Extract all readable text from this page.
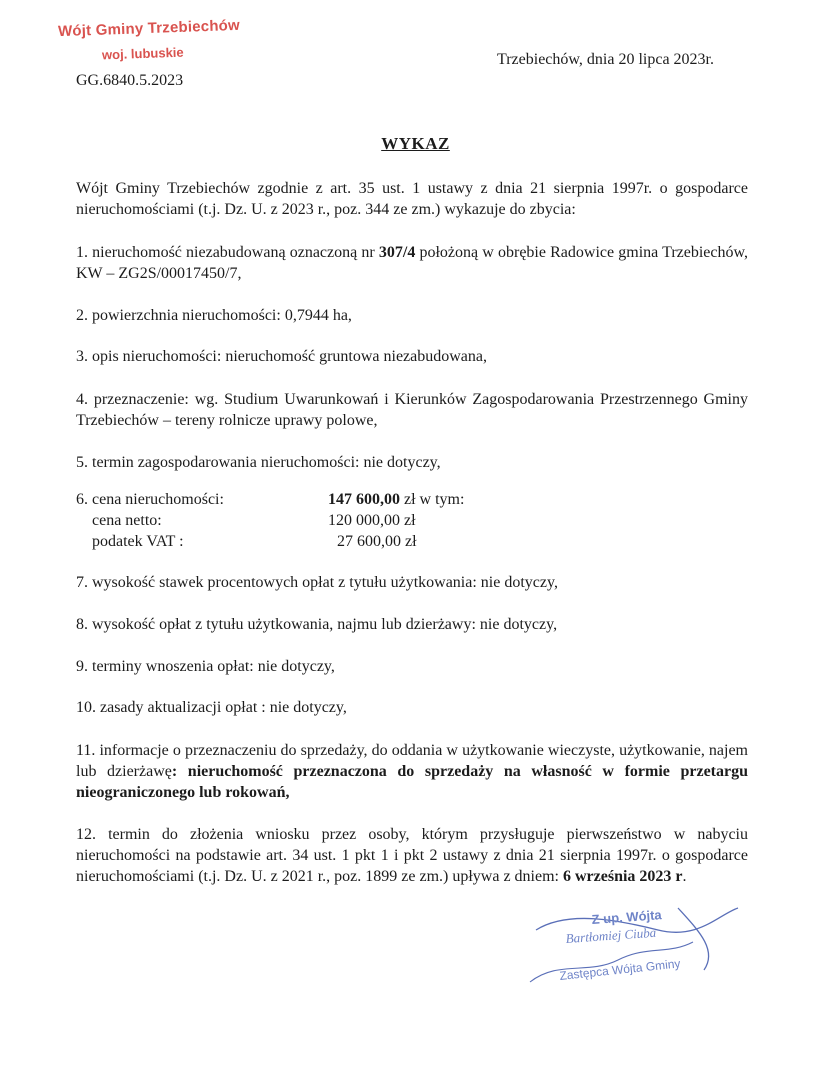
Wójt Gminy Trzebiechów
woj. lubuskie
GG.6840.5.2023
Trzebiechów, dnia 20 lipca 2023r.
WYKAZ
Wójt Gminy Trzebiechów zgodnie z art. 35 ust. 1 ustawy z dnia 21 sierpnia 1997r. o gospodarce nieruchomościami (t.j. Dz. U. z 2023 r., poz. 344 ze zm.) wykazuje do zbycia:
1. nieruchomość niezabudowaną oznaczoną nr 307/4 położoną w obrębie Radowice gmina Trzebiechów, KW – ZG2S/00017450/7,
2. powierzchnia nieruchomości: 0,7944 ha,
3. opis nieruchomości: nieruchomość gruntowa niezabudowana,
4. przeznaczenie: wg. Studium Uwarunkowań i Kierunków Zagospodarowania Przestrzennego Gminy Trzebiechów – tereny rolnicze uprawy polowe,
5. termin zagospodarowania nieruchomości: nie dotyczy,
6. cena nieruchomości:	147 600,00 zł w tym:
cena netto:	120 000,00 zł
podatek VAT :	27 600,00 zł
7. wysokość stawek procentowych opłat z tytułu użytkowania: nie dotyczy,
8. wysokość opłat z tytułu użytkowania, najmu lub dzierżawy: nie dotyczy,
9. terminy wnoszenia opłat: nie dotyczy,
10. zasady aktualizacji opłat : nie dotyczy,
11. informacje o przeznaczeniu do sprzedaży, do oddania w użytkowanie wieczyste, użytkowanie, najem lub dzierżawę: nieruchomość przeznaczona do sprzedaży na własność w formie przetargu nieograniczonego lub rokowań,
12. termin do złożenia wniosku przez osoby, którym przysługuje pierwszeństwo w nabyciu nieruchomości na podstawie art. 34 ust. 1 pkt 1 i pkt 2 ustawy z dnia 21 sierpnia 1997r. o gospodarce nieruchomościami (t.j. Dz. U. z 2021 r., poz. 1899 ze zm.) upływa z dniem: 6 września 2023 r.
Z up. Wójta
Bartłomiej Ciuba
Zastępca Wójta Gminy
